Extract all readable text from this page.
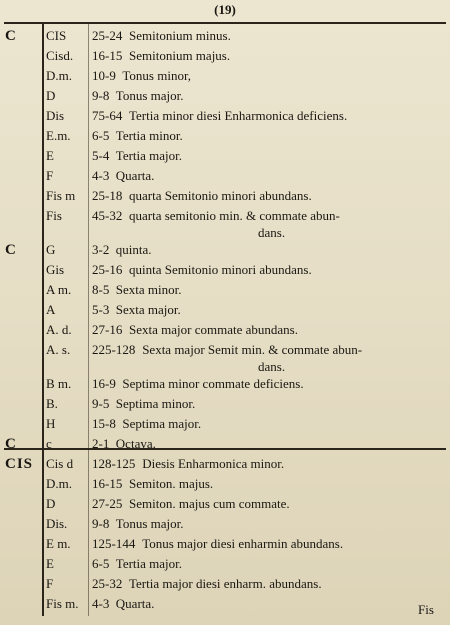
(19)
C CIS 25-24 Semitonium minus.
Cisd. 16-15 Semitonium majus.
D.m. 10-9 Tonus minor,
D	9-8 Tonus major.
Dis 75-64 Tertia minor diesi Enharmonica deficiens.
E.m. 6-5 Tertia minor.
E	5-4 Tertia major.
F	4-3 Quarta.
Fis m 25-18 quarta Semitonio minori abundans.
Fis 45-32 quarta semitonio min. & commate abun-
dans.
C G	3-2 quinta.
Gis 25-16 quinta Semitonio minori abundans.
A m. 8-5 Sexta minor.
A	5-3 Sexta major.
A. d. 27-16 Sexta major commate abundans.
A. s. 225-128 Sexta major Semit min. & commate abun-
dans.
B m. 16-9 Septima minor commate deficiens.
B.	9-5 Septima minor.
H	15-8 Septima major.
C c	2-1 Octava.
CIS Cis d 128-125 Diesis Enharmonica minor.
D.m. 16-15 Semiton. majus.
D	27-25 Semiton. majus cum commate.
Dis. 9-8 Tonus major.
E m. 125-144 Tonus major diesi enharmin abundans.
E	6-5 Tertia major.
F	25-32 Tertia major diesi enharm. abundans.
Fis m. 4-3 Quarta.	Fis
